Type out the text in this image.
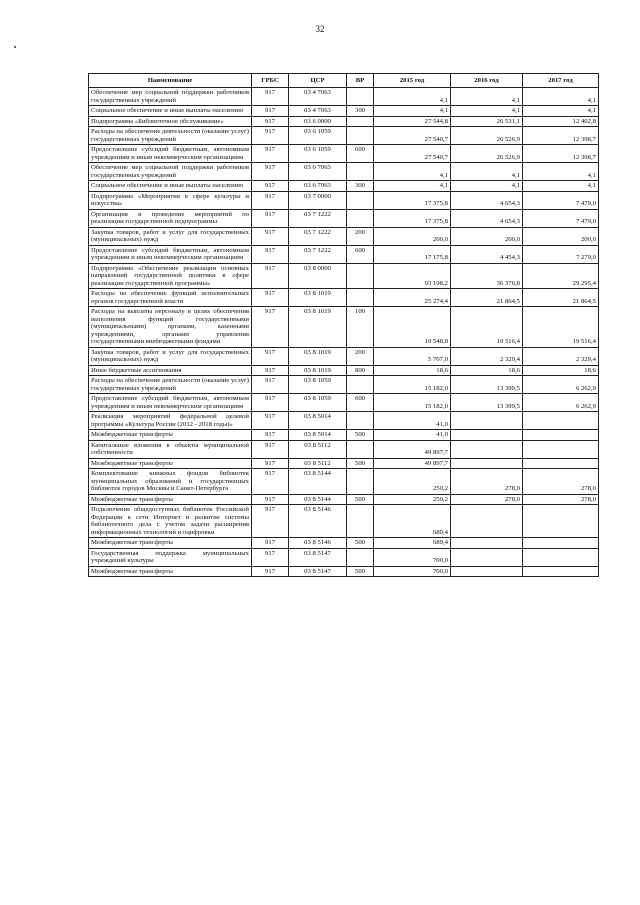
32
Наименование	ГРБС	ЦСР	ВР	2015 год	2016 год	2017 год
Обеспечение мер социальной поддержки работников государственных учреждений	917	03 4 7063		4,1	4,1	4,1
Социальное обеспечение и иные выплаты населению	917	03 4 7063	300	4,1	4,1	4,1
Подпрограмма «Библиотечное обслуживание»	917	03 6 0000		27 544,8	26 531,1	12 402,8
Расходы на обеспечение деятельности (оказание услуг) государственных учреждений	917	03 6 1059		27 540,7	26 526,9	12 398,7
Предоставление субсидий бюджетным, автономным учреждениям и иным некоммерческим организациям	917	03 6 1059	600	27 540,7	26 526,9	12 398,7
Обеспечение мер социальной поддержки работников государственных учреждений	917	03 6 7063		4,1	4,1	4,1
Социальное обеспечение и иные выплаты населению	917	03 6 7063	300	4,1	4,1	4,1
Подпрограмма «Мероприятия в сфере культуры и искусства»	917	03 7 0000		17 375,8	4 654,3	7 479,0
Организация и проведение мероприятий по реализации государственной подпрограммы	917	03 7 1222		17 375,8	4 654,3	7 479,0
Закупка товаров, работ и услуг для государственных (муниципальных) нужд	917	03 7 1222	200	200,0	200,0	200,0
Предоставление субсидий бюджетным, автономным учреждениям и иным некоммерческим организациям	917	03 7 1222	600	17 175,8	4 454,3	7 279,0
Подпрограмма «Обеспечение реализации основных направлений государственной политики в сфере реализации государственной программы»	917	03 8 0000		93 198,2	36 376,8	29 295,4
Расходы на обеспечение функций исполнительных органов государственной власти	917	03 8 1019		25 274,4	21 864,5	21 864,5
Расходы на выплаты персоналу в целях обеспечения выполнения функций государственными (муниципальными) органами, казенными учреждениями, органами управления государственными внебюджетными фондами	917	03 8 1019	100	19 548,8	19 516,4	19 516,4
Закупка товаров, работ и услуг для государственных (муниципальных) нужд	917	03 8 1019	200	5 707,0	2 329,4	2 329,4
Иные бюджетные ассигнования	917	03 8 1019	800	18,6	18,6	18,6
Расходы на обеспечение деятельности (оказание услуг) государственных учреждений	917	03 8 1059		15 182,0	13 399,5	6 262,9
Предоставление субсидий бюджетным, автономным учреждениям и иным некоммерческим организациям	917	03 8 1059	600	15 182,0	13 399,5	6 262,9
Реализация мероприятий федеральной целевой программы «Культура России (2012 - 2018 годы)»	917	03 8 5014		41,0		
Межбюджетные трансферты	917	03 8 5014	500	41,0		
Капитальные вложения в объекты муниципальной собственности	917	03 8 5112		49 897,7		
Межбюджетные трансферты	917	03 8 5112	500	49 897,7		
Комплектование книжных фондов библиотек муниципальных образований и государственных библиотек городов Москвы и Санкт-Петербурга	917	03 8 5144		250,2	278,0	278,0
Межбюджетные трансферты	917	03 8 5144	500	250,2	278,0	278,0
Подключение общедоступных библиотек Российской Федерации к сети Интернет и развитие системы библиотечного дела с учетом задачи расширения информационных технологий и оцифровки	917	03 8 5146		689,4		
Межбюджетные трансферты	917	03 8 5146	500	689,4		
Государственная поддержка муниципальных учреждений культуры	917	03 8 5147		700,0		
Межбюджетные трансферты	917	03 8 5147	500	700,0		
